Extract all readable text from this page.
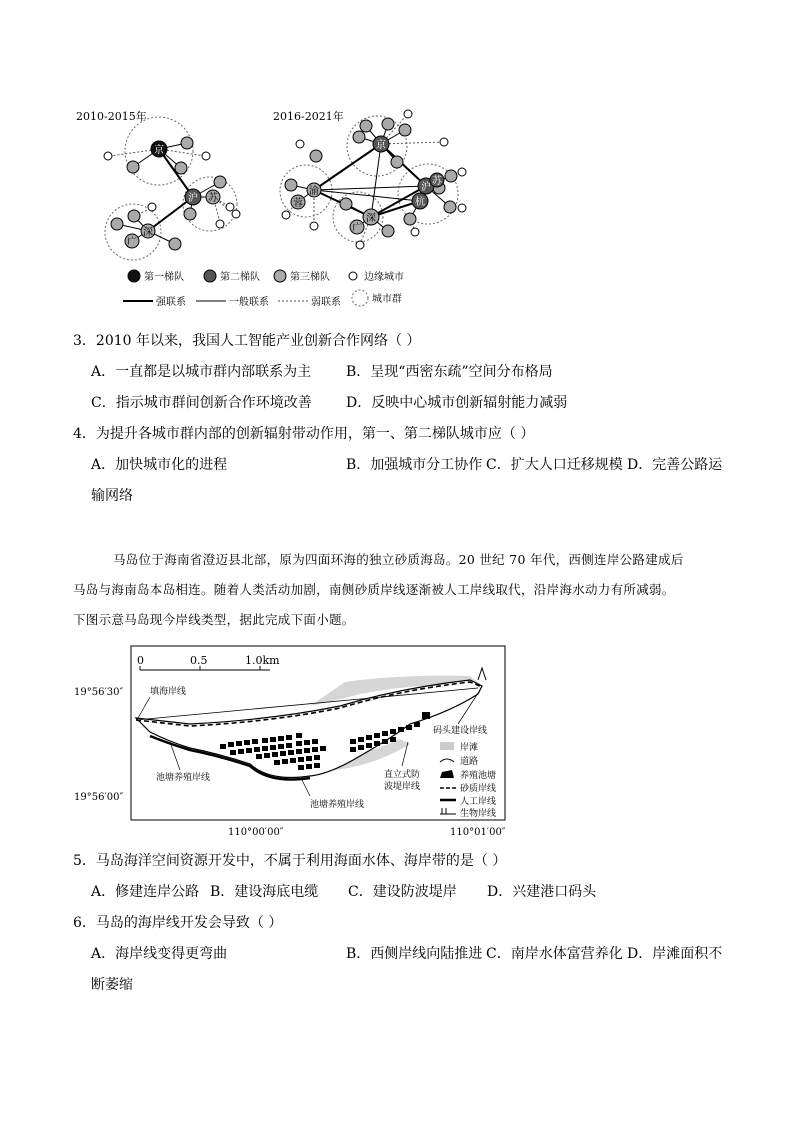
2010-2015年	2016-2021年
京
沪 苏
深
广
京
渝
蓉
深
广
沪
苏
杭
第一梯队	第二梯队	第三梯队	边缘城市
强联系	一般联系	弱联系	城市群
3．2010 年以来，我国人工智能产业创新合作网络（ ）
A．一直都是以城市群内部联系为主 B．呈现“西密东疏”空间分布格局
C．指示城市群间创新合作环境改善 D．反映中心城市创新辐射能力减弱
4．为提升各城市群内部的创新辐射带动作用，第一、第二梯队城市应（ ）
A．加快城市化的进程	B．加强城市分工协作 C．扩大人口迁移规模 D．完善公路运
输网络
马岛位于海南省澄迈县北部，原为四面环海的独立砂质海岛。20 世纪 70 年代，西侧连岸公路建成后
马岛与海南岛本岛相连。随着人类活动加剧，南侧砂质岸线逐渐被人工岸线取代，沿岸海水动力有所减弱。
下图示意马岛现今岸线类型，据此完成下面小题。
0	0.5	1.0km
19°56′30″
19°56′00″
110°00′00″	110°01′00″
填海岸线
池塘养殖岸线
池塘养殖岸线
直立式防
波堤岸线
码头建设岸线
岸滩
道路
养殖池塘
砂质岸线
人工岸线
生物岸线
5．马岛海洋空间资源开发中，不属于利用海面水体、海岸带的是（ ）
A．修建连岸公路 B．建设海底电缆 C．建设防波堤岸 D．兴建港口码头
6．马岛的海岸线开发会导致（ ）
A．海岸线变得更弯曲	B．西侧岸线向陆推进 C．南岸水体富营养化 D．岸滩面积不
断萎缩
